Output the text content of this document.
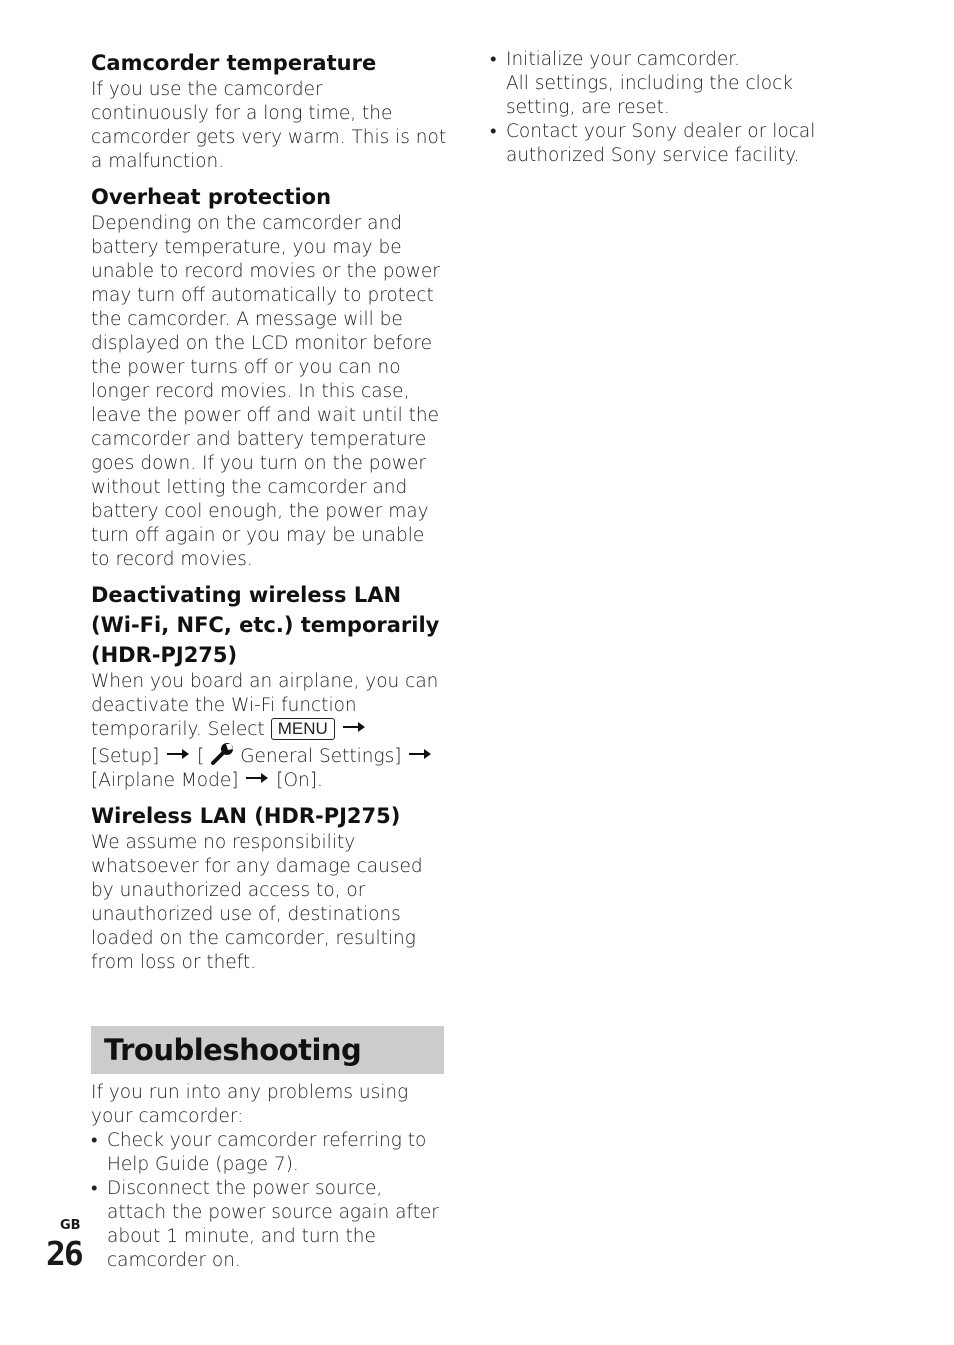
Camcorder temperature

If you use the camcorder
continuously for a long time, the
camcorder gets very warm. This is not
a malfunction.

Overheat protection

Depending on the camcorder and
battery temperature, you may be
unable to record movies or the power
may turn off automatically to protect
the camcorder. A message will be
displayed on the LCD monitor before
the power turns off or you can no
longer record movies. In this case,
leave the power off and wait until the
camcorder and battery temperature
goes down. If you turn on the power
without letting the camcorder and
battery cool enough, the power may
turn off again or you may be unable
to record movies.

Deactivating wireless LAN
(Wi-Fi, NFC, etc.) temporarily
(HDR-PJ275)

When you board an airplane, you can
deactivate the Wi-Fi function
temporarily. Select MENU
[Setup] [ General Settings]
[Airplane Mode] [On].

Wireless LAN (HDR-PJ275)

We assume no responsibility
whatsoever for any damage caused
by unauthorized access to, or
unauthorized use of, destinations
loaded on the camcorder, resulting
from loss or theft.

Troubleshooting

If you run into any problems using
your camcorder:

• Check your camcorder referring to
Help Guide (page 7).
• Disconnect the power source,
attach the power source again after
about 1 minute, and turn the
camcorder on.
• Initialize your camcorder.
All settings, including the clock
setting, are reset.
• Contact your Sony dealer or local
authorized Sony service facility.
GB
26
